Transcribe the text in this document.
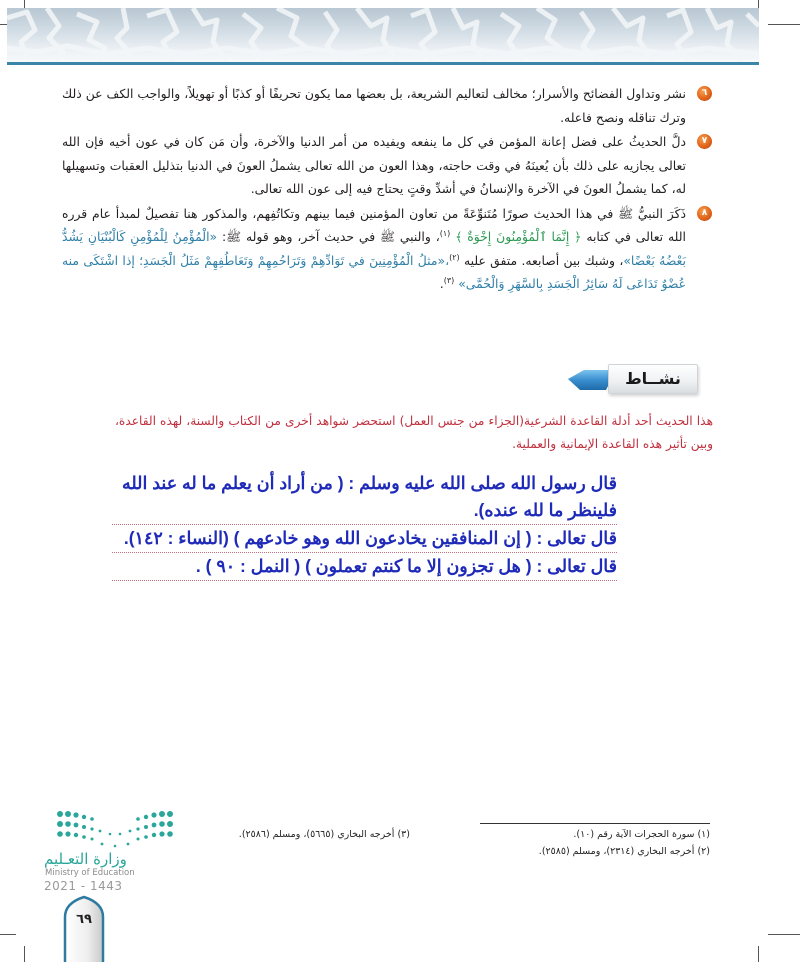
٦
نشر وتداول الفضائح والأسرار؛ مخالف لتعاليم الشريعة، بل بعضها مما يكون تحريفًا أو كذبًا أو تهويلاً، والواجب الكف عن ذلك وترك تناقله ونصح فاعله.
٧
دلَّ الحديثُ على فضل إعانة المؤمن في كل ما ينفعه ويفيده من أمر الدنيا والآخرة، وأن مَن كان في عون أخيه فإن الله تعالى يجازيه على ذلك بأن يُعينَهُ في وقت حاجته، وهذا العون من الله تعالى يشملُ العونَ في الدنيا بتذليل العقبات وتسهيلها له، كما يشملُ العونَ في الآخرة والإنسانُ في أشدِّ وقتٍ يحتاج فيه إلى عون الله تعالى.
٨
ذَكَرَ النبيُّ ﷺ في هذا الحديث صورًا مُتَنوِّعَةً من تعاون المؤمنين فيما بينهم وتكاتُفِهم، والمذكور هنا تفصيلٌ لمبدأ عام قرره الله تعالى في كتابه ﴿ إِنَّمَا ٱلْمُؤْمِنُونَ إِخْوَةٌ ﴾ $^{(١)}$، والنبي ﷺ في حديث آخر، وهو قوله ﷺ: «الْمُؤْمِنُ لِلْمُؤْمِنِ كَالْبُنْيَانِ يَشُدُّ بَعْضُهُ بَعْضًا»، وشبك بين أصابعه. متفق عليه $^{(٢)}$،«مثلُ الْمُؤْمِنِينَ في تَوَادِّهِمْ وَتَرَاحُمِهِمْ وَتَعَاطُفِهِمْ مَثَلُ الْجَسَدِ؛ إذا اشْتَكَى منه عُضْوٌ تَدَاعَى لَهُ سَائِرُ الْجَسَدِ بِالسَّهَرِ وَالْحُمَّى» $^{(٣)}$.
نشــاط
هذا الحديث أحد أدلة القاعدة الشرعية(الجزاء من جنس العمل) استحضر شواهد أخرى من الكتاب والسنة، لهذه القاعدة، وبين تأثير هذه القاعدة الإيمانية والعملية.
قال رسول الله صلى الله عليه وسلم : ( من أراد أن يعلم ما له عند الله فلينظر ما لله عنده).
قال تعالى : ( إن المنافقين يخادعون الله وهو خادعهم ) (النساء : ١٤٢).
قال تعالى : ( هل تجزون إلا ما كنتم تعملون ) ( النمل : ٩٠ ) .
(١) سورة الحجرات الآية رقم (١٠).
(٢) أخرجه البخاري (٢٣١٤)، ومسلم (٢٥٨٥).
(٣) أخرجه البخاري (٥٦٦٥)، ومسلم (٢٥٨٦).
وزارة التعـليم
Ministry of Education
2021 - 1443
٦٩
